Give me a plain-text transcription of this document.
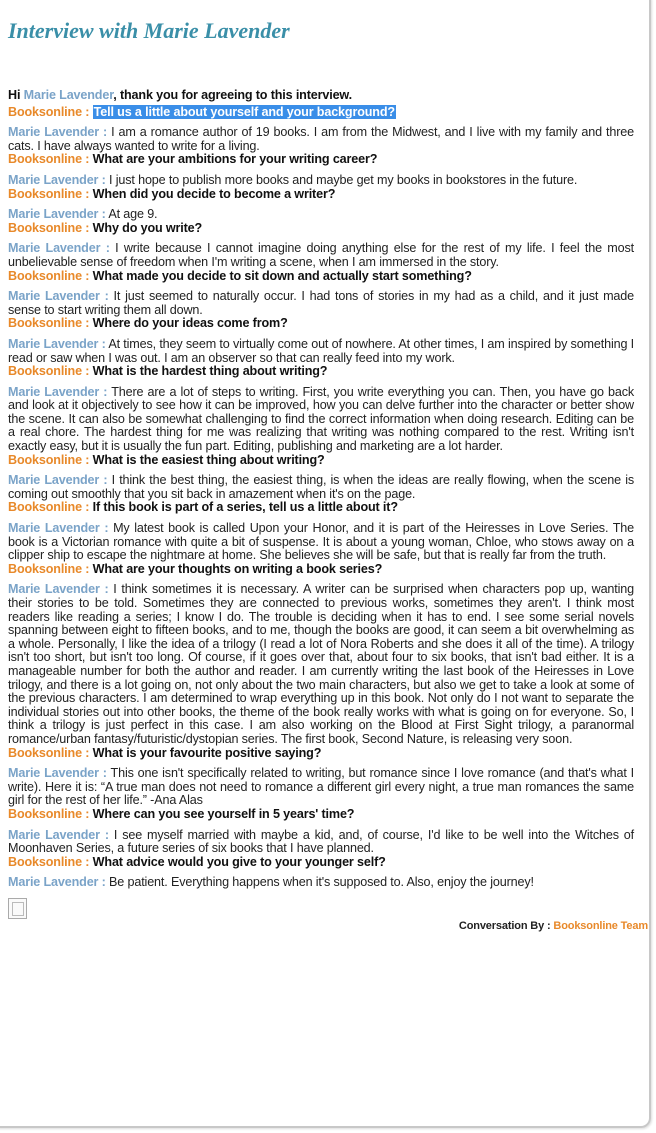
Interview with Marie Lavender
Hi Marie Lavender, thank you for agreeing to this interview.
Booksonline : Tell us a little about yourself and your background?
Marie Lavender : I am a romance author of 19 books. I am from the Midwest, and I live with my family and three cats. I have always wanted to write for a living.
Booksonline : What are your ambitions for your writing career?
Marie Lavender : I just hope to publish more books and maybe get my books in bookstores in the future.
Booksonline : When did you decide to become a writer?
Marie Lavender : At age 9.
Booksonline : Why do you write?
Marie Lavender : I write because I cannot imagine doing anything else for the rest of my life. I feel the most unbelievable sense of freedom when I'm writing a scene, when I am immersed in the story.
Booksonline : What made you decide to sit down and actually start something?
Marie Lavender : It just seemed to naturally occur. I had tons of stories in my had as a child, and it just made sense to start writing them all down.
Booksonline : Where do your ideas come from?
Marie Lavender : At times, they seem to virtually come out of nowhere. At other times, I am inspired by something I read or saw when I was out. I am an observer so that can really feed into my work.
Booksonline : What is the hardest thing about writing?
Marie Lavender : There are a lot of steps to writing. First, you write everything you can. Then, you have go back and look at it objectively to see how it can be improved, how you can delve further into the character or better show the scene. It can also be somewhat challenging to find the correct information when doing research. Editing can be a real chore. The hardest thing for me was realizing that writing was nothing compared to the rest. Writing isn't exactly easy, but it is usually the fun part. Editing, publishing and marketing are a lot harder.
Booksonline : What is the easiest thing about writing?
Marie Lavender : I think the best thing, the easiest thing, is when the ideas are really flowing, when the scene is coming out smoothly that you sit back in amazement when it's on the page.
Booksonline : If this book is part of a series, tell us a little about it?
Marie Lavender : My latest book is called Upon your Honor, and it is part of the Heiresses in Love Series. The book is a Victorian romance with quite a bit of suspense. It is about a young woman, Chloe, who stows away on a clipper ship to escape the nightmare at home. She believes she will be safe, but that is really far from the truth.
Booksonline : What are your thoughts on writing a book series?
Marie Lavender : I think sometimes it is necessary. A writer can be surprised when characters pop up, wanting their stories to be told. Sometimes they are connected to previous works, sometimes they aren't. I think most readers like reading a series; I know I do. The trouble is deciding when it has to end. I see some serial novels spanning between eight to fifteen books, and to me, though the books are good, it can seem a bit overwhelming as a whole. Personally, I like the idea of a trilogy (I read a lot of Nora Roberts and she does it all of the time). A trilogy isn't too short, but isn't too long. Of course, if it goes over that, about four to six books, that isn't bad either. It is a manageable number for both the author and reader. I am currently writing the last book of the Heiresses in Love trilogy, and there is a lot going on, not only about the two main characters, but also we get to take a look at some of the previous characters. I am determined to wrap everything up in this book. Not only do I not want to separate the individual stories out into other books, the theme of the book really works with what is going on for everyone. So, I think a trilogy is just perfect in this case. I am also working on the Blood at First Sight trilogy, a paranormal romance/urban fantasy/futuristic/dystopian series. The first book, Second Nature, is releasing very soon.
Booksonline : What is your favourite positive saying?
Marie Lavender : This one isn't specifically related to writing, but romance since I love romance (and that's what I write). Here it is: “A true man does not need to romance a different girl every night, a true man romances the same girl for the rest of her life.” -Ana Alas
Booksonline : Where can you see yourself in 5 years' time?
Marie Lavender : I see myself married with maybe a kid, and, of course, I'd like to be well into the Witches of Moonhaven Series, a future series of six books that I have planned.
Booksonline : What advice would you give to your younger self?
Marie Lavender : Be patient. Everything happens when it's supposed to. Also, enjoy the journey!
Conversation By : Booksonline Team
